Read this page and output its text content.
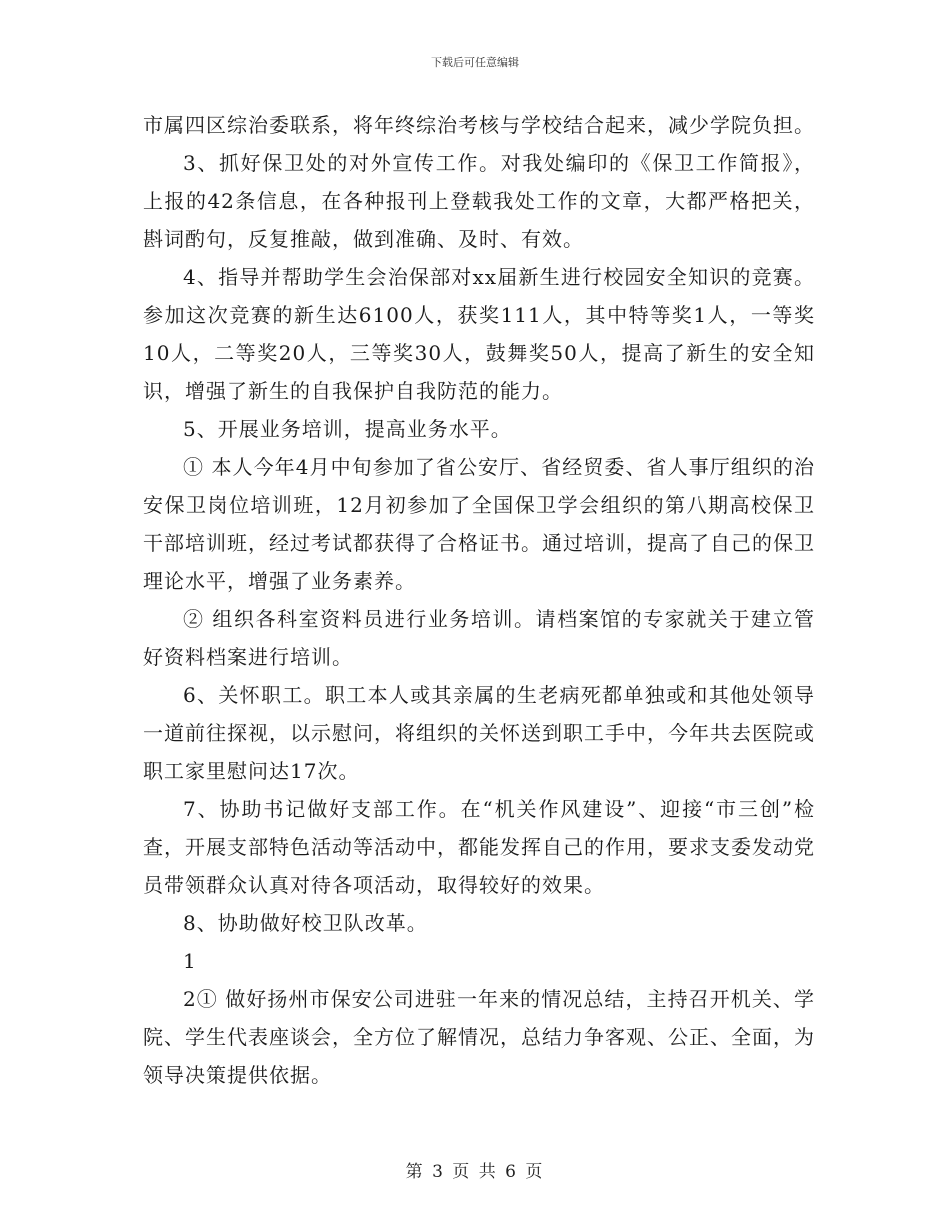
下载后可任意编辑

市属四区综治委联系，将年终综治考核与学校结合起来，减少学院负担。

3、抓好保卫处的对外宣传工作。对我处编印的《保卫工作简报》，上报的42条信息，在各种报刊上登载我处工作的文章，大都严格把关，斟词酌句，反复推敲，做到准确、及时、有效。

4、指导并帮助学生会治保部对xx届新生进行校园安全知识的竞赛。参加这次竞赛的新生达6100人，获奖111人，其中特等奖1人，一等奖10人，二等奖20人，三等奖30人，鼓舞奖50人，提高了新生的安全知识，增强了新生的自我保护自我防范的能力。

5、开展业务培训，提高业务水平。

① 本人今年4月中旬参加了省公安厅、省经贸委、省人事厅组织的治安保卫岗位培训班，12月初参加了全国保卫学会组织的第八期高校保卫干部培训班，经过考试都获得了合格证书。通过培训，提高了自己的保卫理论水平，增强了业务素养。

② 组织各科室资料员进行业务培训。请档案馆的专家就关于建立管好资料档案进行培训。

6、关怀职工。职工本人或其亲属的生老病死都单独或和其他处领导一道前往探视，以示慰问，将组织的关怀送到职工手中，今年共去医院或职工家里慰问达17次。

7、协助书记做好支部工作。在“机关作风建设”、迎接“市三创”检查，开展支部特色活动等活动中，都能发挥自己的作用，要求支委发动党员带领群众认真对待各项活动，取得较好的效果。

8、协助做好校卫队改革。

1

2① 做好扬州市保安公司进驻一年来的情况总结，主持召开机关、学院、学生代表座谈会，全方位了解情况，总结力争客观、公正、全面，为领导决策提供依据。

第 3 页 共 6 页
